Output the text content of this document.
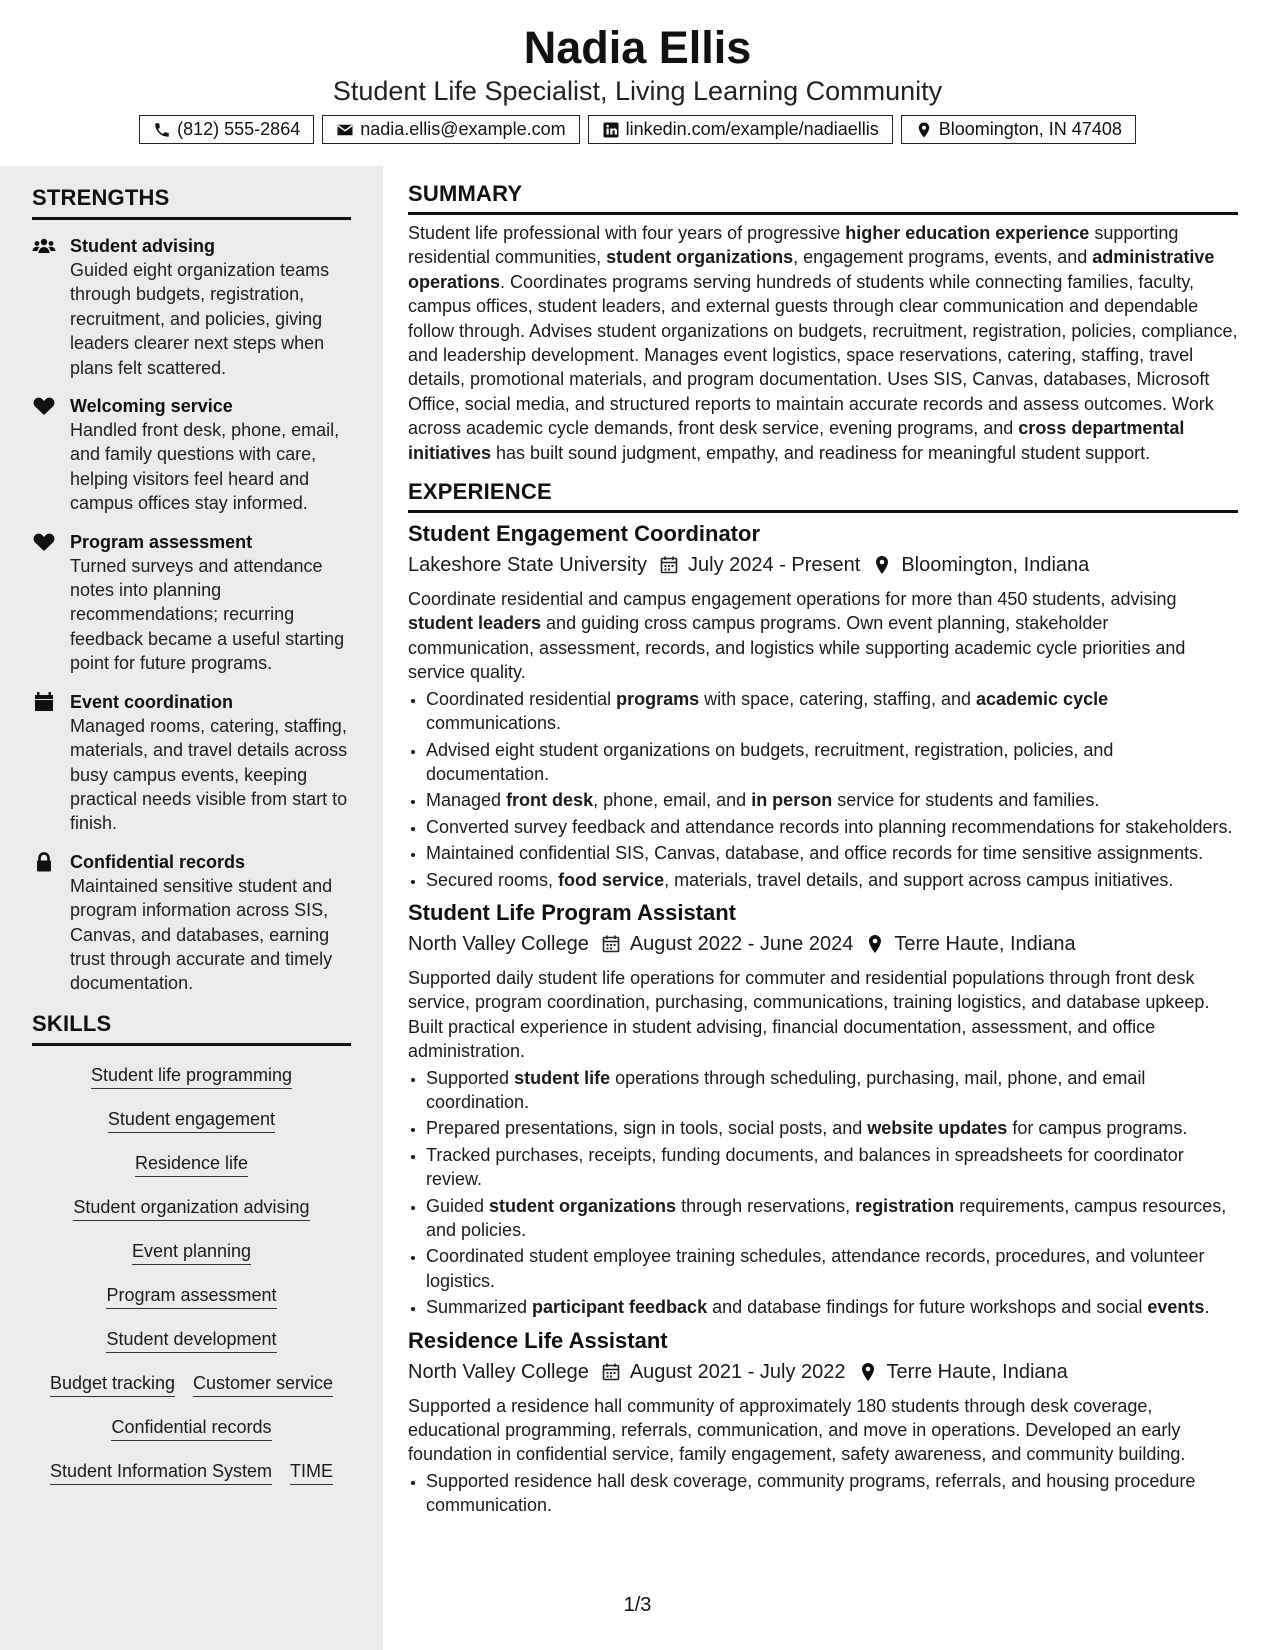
Nadia Ellis
Student Life Specialist, Living Learning Community
(812) 555-2864	nadia.ellis@example.com	linkedin.com/example/nadiaellis	Bloomington, IN 47408
STRENGTHS
Student advising
Guided eight organization teams through budgets, registration, recruitment, and policies, giving leaders clearer next steps when plans felt scattered.
Welcoming service
Handled front desk, phone, email, and family questions with care, helping visitors feel heard and campus offices stay informed.
Program assessment
Turned surveys and attendance notes into planning recommendations; recurring feedback became a useful starting point for future programs.
Event coordination
Managed rooms, catering, staffing, materials, and travel details across busy campus events, keeping practical needs visible from start to finish.
Confidential records
Maintained sensitive student and program information across SIS, Canvas, and databases, earning trust through accurate and timely documentation.
SKILLS
Student life programming
Student engagement
Residence life
Student organization advising
Event planning
Program assessment
Student development
Budget tracking Customer service
Confidential records
Student Information System TIME
SUMMARY
Student life professional with four years of progressive higher education experience supporting residential communities, student organizations, engagement programs, events, and administrative operations. Coordinates programs serving hundreds of students while connecting families, faculty, campus offices, student leaders, and external guests through clear communication and dependable follow through. Advises student organizations on budgets, recruitment, registration, policies, compliance, and leadership development. Manages event logistics, space reservations, catering, staffing, travel details, promotional materials, and program documentation. Uses SIS, Canvas, databases, Microsoft Office, social media, and structured reports to maintain accurate records and assess outcomes. Work across academic cycle demands, front desk service, evening programs, and cross departmental initiatives has built sound judgment, empathy, and readiness for meaningful student support.
EXPERIENCE
Student Engagement Coordinator
Lakeshore State University July 2024 - Present Bloomington, Indiana
Coordinate residential and campus engagement operations for more than 450 students, advising student leaders and guiding cross campus programs. Own event planning, stakeholder communication, assessment, records, and logistics while supporting academic cycle priorities and service quality.
• Coordinated residential programs with space, catering, staffing, and academic cycle communications.
• Advised eight student organizations on budgets, recruitment, registration, policies, and documentation.
• Managed front desk, phone, email, and in person service for students and families.
• Converted survey feedback and attendance records into planning recommendations for stakeholders.
• Maintained confidential SIS, Canvas, database, and office records for time sensitive assignments.
• Secured rooms, food service, materials, travel details, and support across campus initiatives.
Student Life Program Assistant
North Valley College August 2022 - June 2024 Terre Haute, Indiana
Supported daily student life operations for commuter and residential populations through front desk service, program coordination, purchasing, communications, training logistics, and database upkeep. Built practical experience in student advising, financial documentation, assessment, and office administration.
• Supported student life operations through scheduling, purchasing, mail, phone, and email coordination.
• Prepared presentations, sign in tools, social posts, and website updates for campus programs.
• Tracked purchases, receipts, funding documents, and balances in spreadsheets for coordinator review.
• Guided student organizations through reservations, registration requirements, campus resources, and policies.
• Coordinated student employee training schedules, attendance records, procedures, and volunteer logistics.
• Summarized participant feedback and database findings for future workshops and social events.
Residence Life Assistant
North Valley College August 2021 - July 2022 Terre Haute, Indiana
Supported a residence hall community of approximately 180 students through desk coverage, educational programming, referrals, communication, and move in operations. Developed an early foundation in confidential service, family engagement, safety awareness, and community building.
• Supported residence hall desk coverage, community programs, referrals, and housing procedure communication.
1/3
